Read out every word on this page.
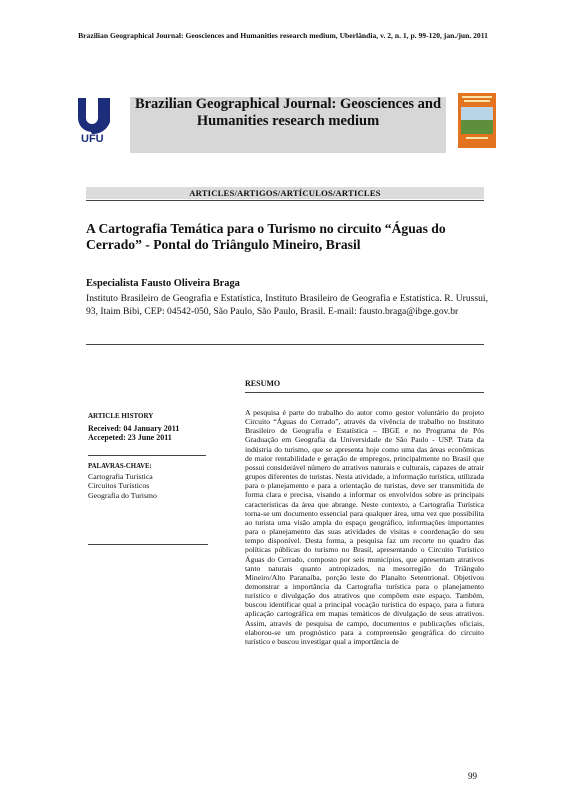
Brazilian Geographical Journal: Geosciences and Humanities research medium, Uberlândia, v. 2, n. 1, p. 99-120, jan./jun. 2011
UFU
Brazilian Geographical Journal: Geosciences and Humanities research medium
ARTICLES/ARTIGOS/ARTÍCULOS/ARTICLES
A Cartografia Temática para o Turismo no circuito “Águas do Cerrado” - Pontal do Triângulo Mineiro, Brasil
Especialista Fausto Oliveira Braga
Instituto Brasileiro de Geografia e Estatística, Instituto Brasileiro de Geografia e Estatística. R. Urussui, 93, Itaim Bibi, CEP: 04542-050, São Paulo, São Paulo, Brasil. E-mail: fausto.braga@ibge.gov.br
RESUMO
ARTICLE HISTORY
Received: 04 January 2011
Accepeted: 23 June 2011
PALAVRAS-CHAVE:
Cartografia Turística
Circuitos Turísticos
Geografia do Turismo
A pesquisa é parte do trabalho do autor como gestor voluntário do projeto Circuito “Águas do Cerrado”, através da vivência de trabalho no Instituto Brasileiro de Geografia e Estatística – IBGE e no Programa de Pós Graduação em Geografia da Universidade de São Paulo - USP. Trata da indústria do turismo, que se apresenta hoje como uma das áreas econômicas de maior rentabilidade e geração de empregos, principalmente no Brasil que possui considerável número de atrativos naturais e culturais, capazes de atrair grupos diferentes de turistas. Nesta atividade, a informação turística, utilizada para o planejamento e para a orientação de turistas, deve ser transmitida de forma clara e precisa, visando a informar os envolvidos sobre as principais características da área que abrange. Neste contexto, a Cartografia Turística torna-se um documento essencial para qualquer área, uma vez que possibilita ao turista uma visão ampla do espaço geográfico, informações importantes para o planejamento das suas atividades de visitas e coordenação do seu tempo disponível. Desta forma, a pesquisa faz um recorte no quadro das políticas públicas do turismo no Brasil, apresentando o Circuito Turístico Águas do Cerrado, composto por seis municípios, que apresentam atrativos tanto naturais quanto antropizados, na mesorregião do Triângulo Mineiro/Alto Paranaíba, porção leste do Planalto Setentrional. Objetivou demonstrar a importância da Cartografia turística para o planejamento turístico e divulgação dos atrativos que compõem este espaço. Também, buscou identificar qual a principal vocação turística do espaço, para a futura aplicação cartográfica em mapas temáticos de divulgação de seus atrativos. Assim, através de pesquisa de campo, documentos e publicações oficiais, elaborou-se um prognóstico para a compreensão geográfica do circuito turístico e buscou investigar qual a importância de
99
